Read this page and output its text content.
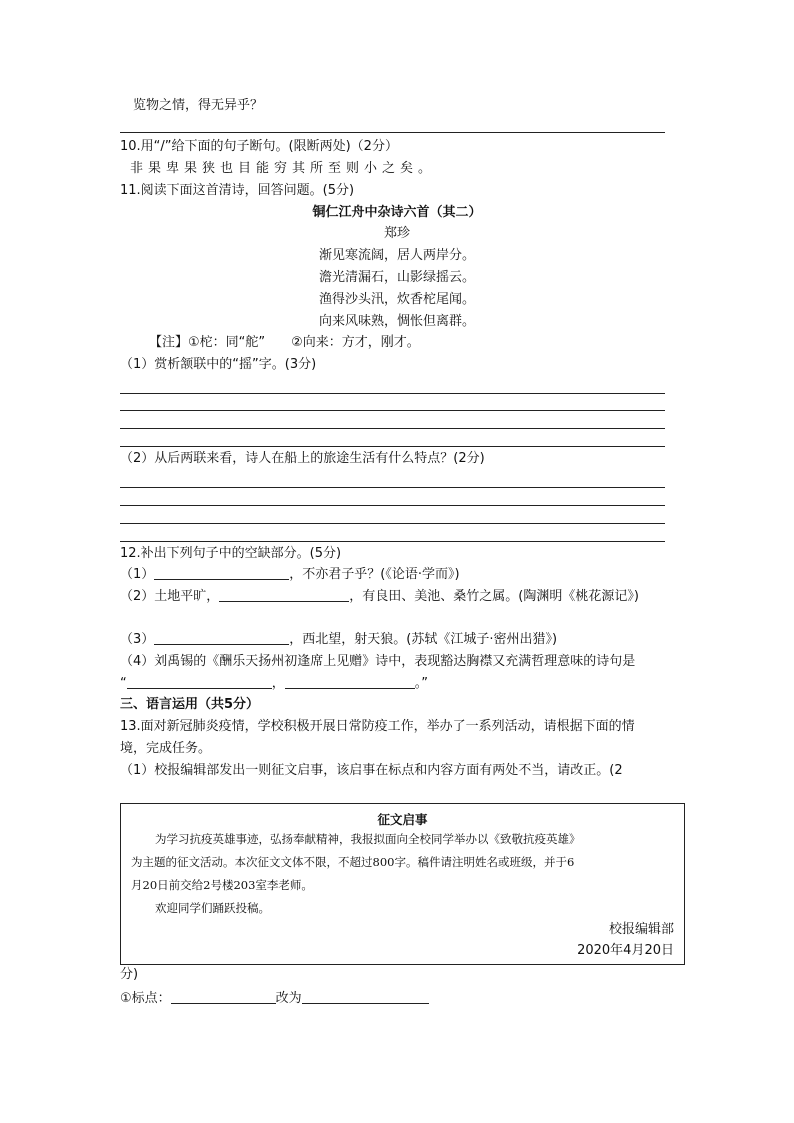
览物之情，得无异乎？
10.用“/”给下面的句子断句。(限断两处)（2分）
非果卑果狭也目能穷其所至则小之矣。
11.阅读下面这首清诗，回答问题。(5分)
铜仁江舟中杂诗六首（其二）
郑珍
渐见寒流阔，居人两岸分。
澹光清漏石，山影绿摇云。
渔得沙头汛，炊香柁尾闻。
向来风味熟，惆怅但离群。
【注】①柁：同“舵”　　②向来：方才，刚才。
（1）赏析颔联中的“摇”字。(3分)
（2）从后两联来看，诗人在船上的旅途生活有什么特点？(2分)
12.补出下列句子中的空缺部分。(5分)
（1）	，不亦君子乎？(《论语·学而》)
（2）土地平旷，	，有良田、美池、桑竹之属。(陶渊明《桃花源记》)
（3）	，西北望，射天狼。(苏轼《江城子·密州出猎》)
（4）刘禹锡的《酬乐天扬州初逢席上见赠》诗中，表现豁达胸襟又充满哲理意味的诗句是
“	，	。”
三、语言运用（共5分）
13.面对新冠肺炎疫情，学校积极开展日常防疫工作，举办了一系列活动，请根据下面的情
境，完成任务。
（1）校报编辑部发出一则征文启事，该启事在标点和内容方面有两处不当，请改正。(2
征文启事
为学习抗疫英雄事迹，弘扬奉献精神，我报拟面向全校同学举办以《致敬抗疫英雄》
为主题的征文活动。本次征文文体不限，不超过800字。稿件请注明姓名或班级，并于6
月20日前交给2号楼203室李老师。
欢迎同学们踊跃投稿。
校报编辑部
2020年4月20日
分)
①标点：	改为
